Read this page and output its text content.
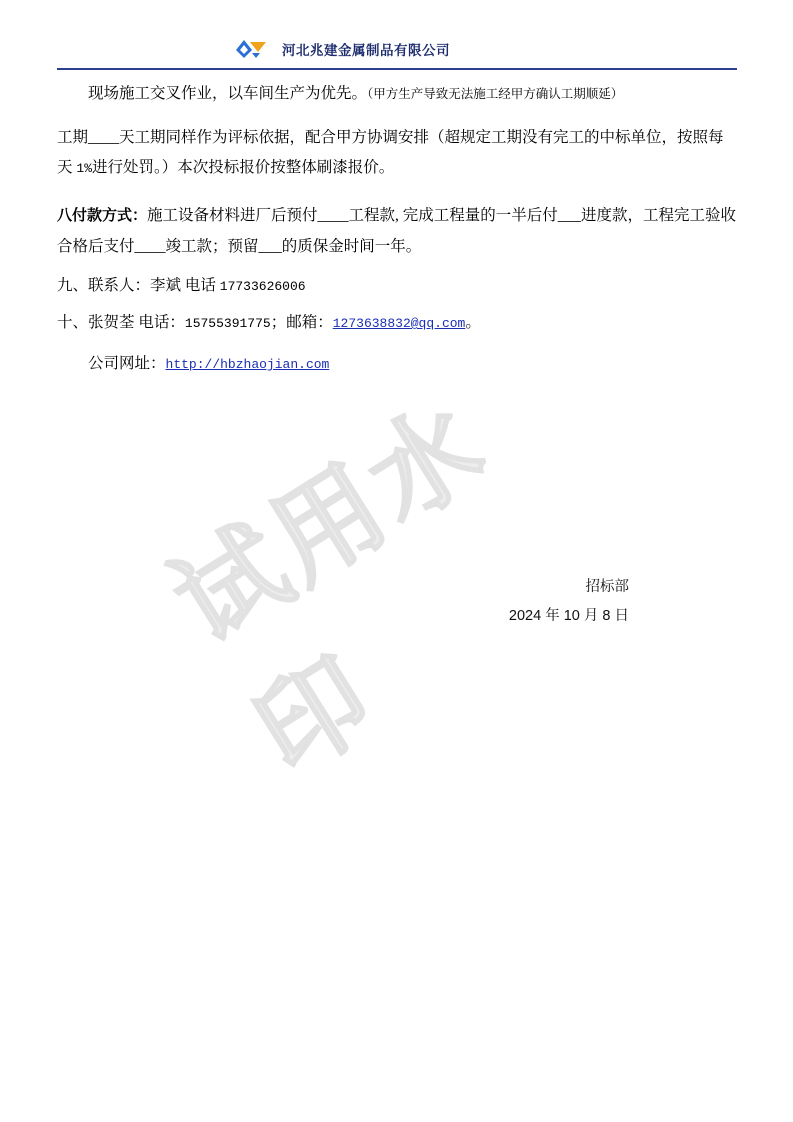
河北兆建金属制品有限公司

现场施工交叉作业，以车间生产为优先。（甲方生产导致无法施工经甲方确认工期顺延）

工期____天工期同样作为评标依据，配合甲方协调安排（超规定工期没有完工的中标单位，按照每天 1%进行处罚。）本次投标报价按整体刷漆报价。

八付款方式：施工设备材料进厂后预付____工程款, 完成工程量的一半后付___进度款，工程完工验收合格后支付____竣工款；预留___的质保金时间一年。

九、联系人：李斌 电话 17733626006

十、张贺荃 电话：15755391775；邮箱：1273638832@qq.com。

公司网址：http://hbzhaojian.com

招标部
2024 年 10 月 8 日
试用水印
